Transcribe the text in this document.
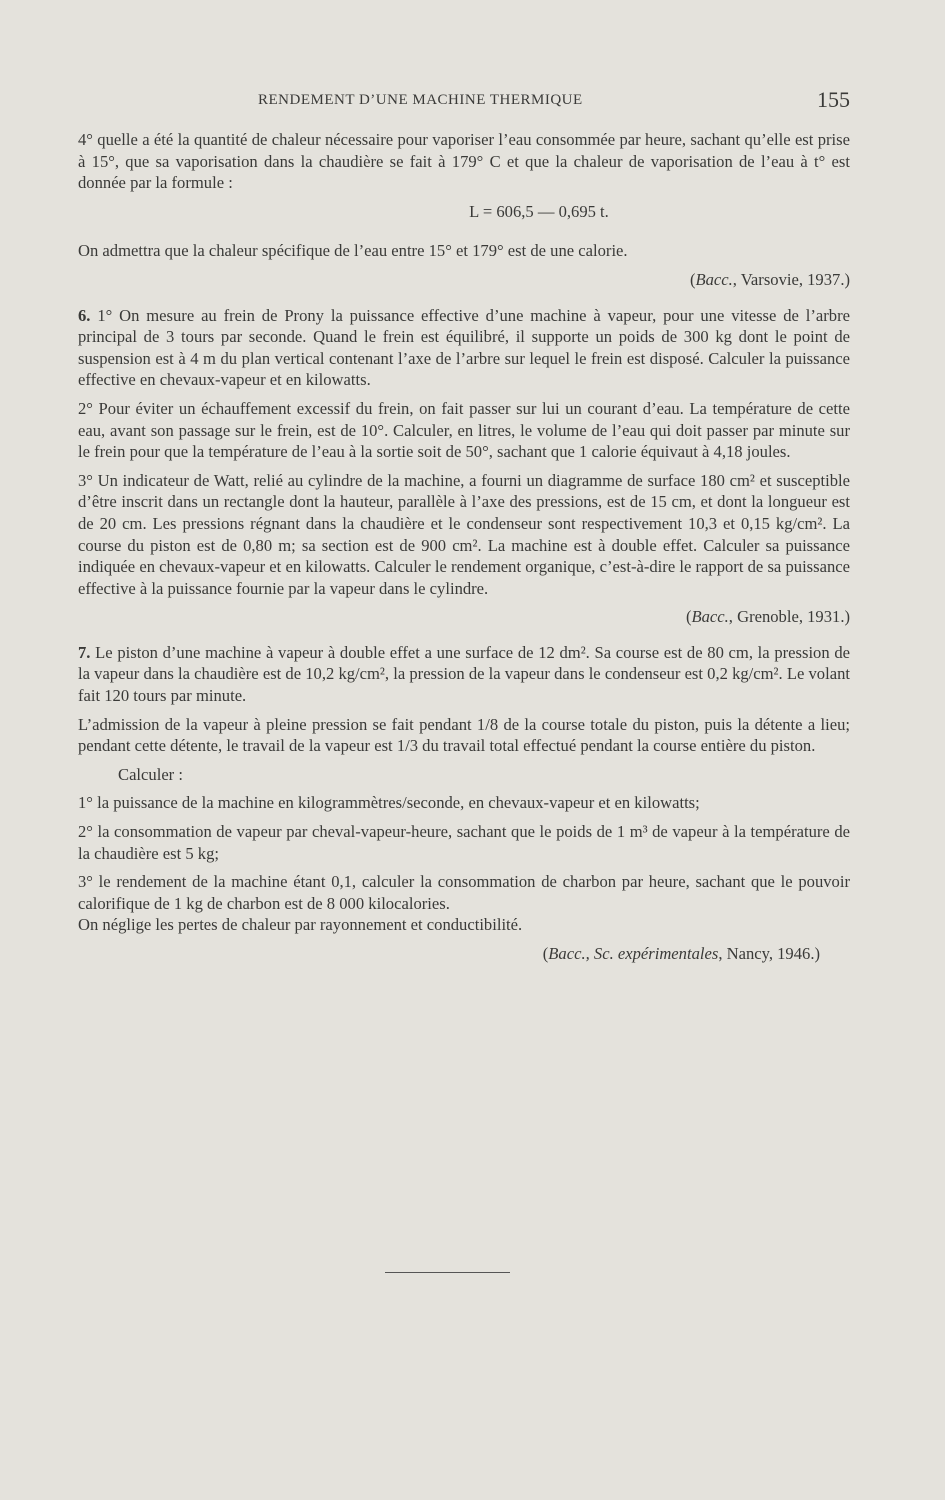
RENDEMENT D’UNE MACHINE THERMIQUE	155

4° quelle a été la quantité de chaleur nécessaire pour vaporiser l’eau consommée par heure, sachant qu’elle est prise à 15°, que sa vaporisation dans la chaudière se fait à 179° C et que la chaleur de vaporisation de l’eau à t° est donnée par la formule :

L = 606,5 — 0,695 t.

On admettra que la chaleur spécifique de l’eau entre 15° et 179° est de une calorie.

(Bacc., Varsovie, 1937.)

6. 1° On mesure au frein de Prony la puissance effective d’une machine à vapeur, pour une vitesse de l’arbre principal de 3 tours par seconde. Quand le frein est équilibré, il supporte un poids de 300 kg dont le point de suspension est à 4 m du plan vertical contenant l’axe de l’arbre sur lequel le frein est disposé. Calculer la puissance effective en chevaux-vapeur et en kilowatts.

2° Pour éviter un échauffement excessif du frein, on fait passer sur lui un courant d’eau. La température de cette eau, avant son passage sur le frein, est de 10°. Calculer, en litres, le volume de l’eau qui doit passer par minute sur le frein pour que la température de l’eau à la sortie soit de 50°, sachant que 1 calorie équivaut à 4,18 joules.

3° Un indicateur de Watt, relié au cylindre de la machine, a fourni un diagramme de surface 180 cm² et susceptible d’être inscrit dans un rectangle dont la hauteur, parallèle à l’axe des pressions, est de 15 cm, et dont la longueur est de 20 cm. Les pressions régnant dans la chaudière et le condenseur sont respectivement 10,3 et 0,15 kg/cm². La course du piston est de 0,80 m; sa section est de 900 cm². La machine est à double effet. Calculer sa puissance indiquée en chevaux-vapeur et en kilowatts. Calculer le rendement organique, c’est-à-dire le rapport de sa puissance effective à la puissance fournie par la vapeur dans le cylindre.

(Bacc., Grenoble, 1931.)

7. Le piston d’une machine à vapeur à double effet a une surface de 12 dm². Sa course est de 80 cm, la pression de la vapeur dans la chaudière est de 10,2 kg/cm², la pression de la vapeur dans le condenseur est 0,2 kg/cm². Le volant fait 120 tours par minute.

L’admission de la vapeur à pleine pression se fait pendant 1/8 de la course totale du piston, puis la détente a lieu; pendant cette détente, le travail de la vapeur est 1/3 du travail total effectué pendant la course entière du piston.

Calculer :

1° la puissance de la machine en kilogrammètres/seconde, en chevaux-vapeur et en kilowatts;

2° la consommation de vapeur par cheval-vapeur-heure, sachant que le poids de 1 m³ de vapeur à la température de la chaudière est 5 kg;

3° le rendement de la machine étant 0,1, calculer la consommation de charbon par heure, sachant que le pouvoir calorifique de 1 kg de charbon est de 8 000 kilocalories.

On néglige les pertes de chaleur par rayonnement et conductibilité.

(Bacc., Sc. expérimentales, Nancy, 1946.)
